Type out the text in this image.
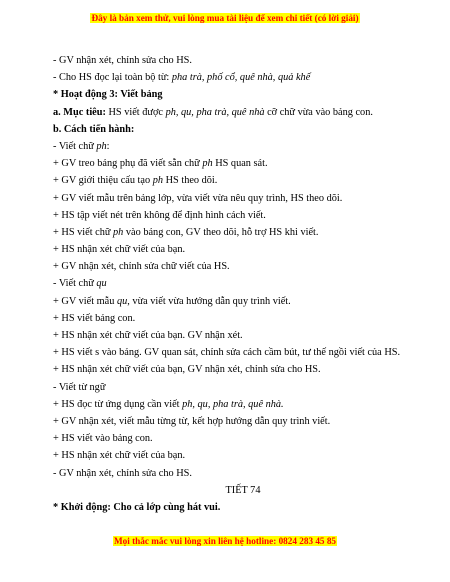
Đây là bản xem thử, vui lòng mua tài liệu để xem chi tiết (có lời giải)
- GV nhận xét, chỉnh sửa cho HS.
- Cho HS đọc lại toàn bộ từ: pha trà, phố cổ, quê nhà, quả khế
* Hoạt động 3: Viết bảng
a. Mục tiêu: HS viết được ph, qu, pha trà, quê nhà cỡ chữ vừa vào bảng con.
b. Cách tiến hành:
- Viết chữ ph:
+ GV treo bảng phụ đã viết sẵn chữ ph HS quan sát.
+ GV giới thiệu cấu tạo ph HS theo dõi.
+ GV viết mẫu trên bảng lớp, vừa viết vừa nêu quy trình, HS theo dõi.
+ HS tập viết nét trên không để định hình cách viết.
+ HS viết chữ ph vào bảng con, GV theo dõi, hỗ trợ HS khi viết.
+ HS nhận xét chữ viết của bạn.
+ GV nhận xét, chỉnh sửa chữ viết của HS.
- Viết chữ qu
+ GV viết mẫu qu, vừa viết vừa hướng dẫn quy trình viết.
+ HS viết bảng con.
+ HS nhận xét chữ viết của bạn. GV nhận xét.
+ HS viết s vào bảng. GV quan sát, chỉnh sửa cách cầm bút, tư thế ngồi viết của HS.
+ HS nhận xét chữ viết của bạn, GV nhận xét, chỉnh sửa cho HS.
- Viết từ ngữ
+ HS đọc từ ứng dụng cần viết ph, qu, pha trà, quê nhà.
+ GV nhận xét, viết mẫu từng từ, kết hợp hướng dẫn quy trình viết.
+ HS viết vào bảng con.
+ HS nhận xét chữ viết của bạn.
- GV nhận xét, chỉnh sửa cho HS.
TIẾT 74
* Khởi động: Cho cả lớp cùng hát vui.
Mọi thắc mắc vui lòng xin liên hệ hotline: 0824 283 45 85
